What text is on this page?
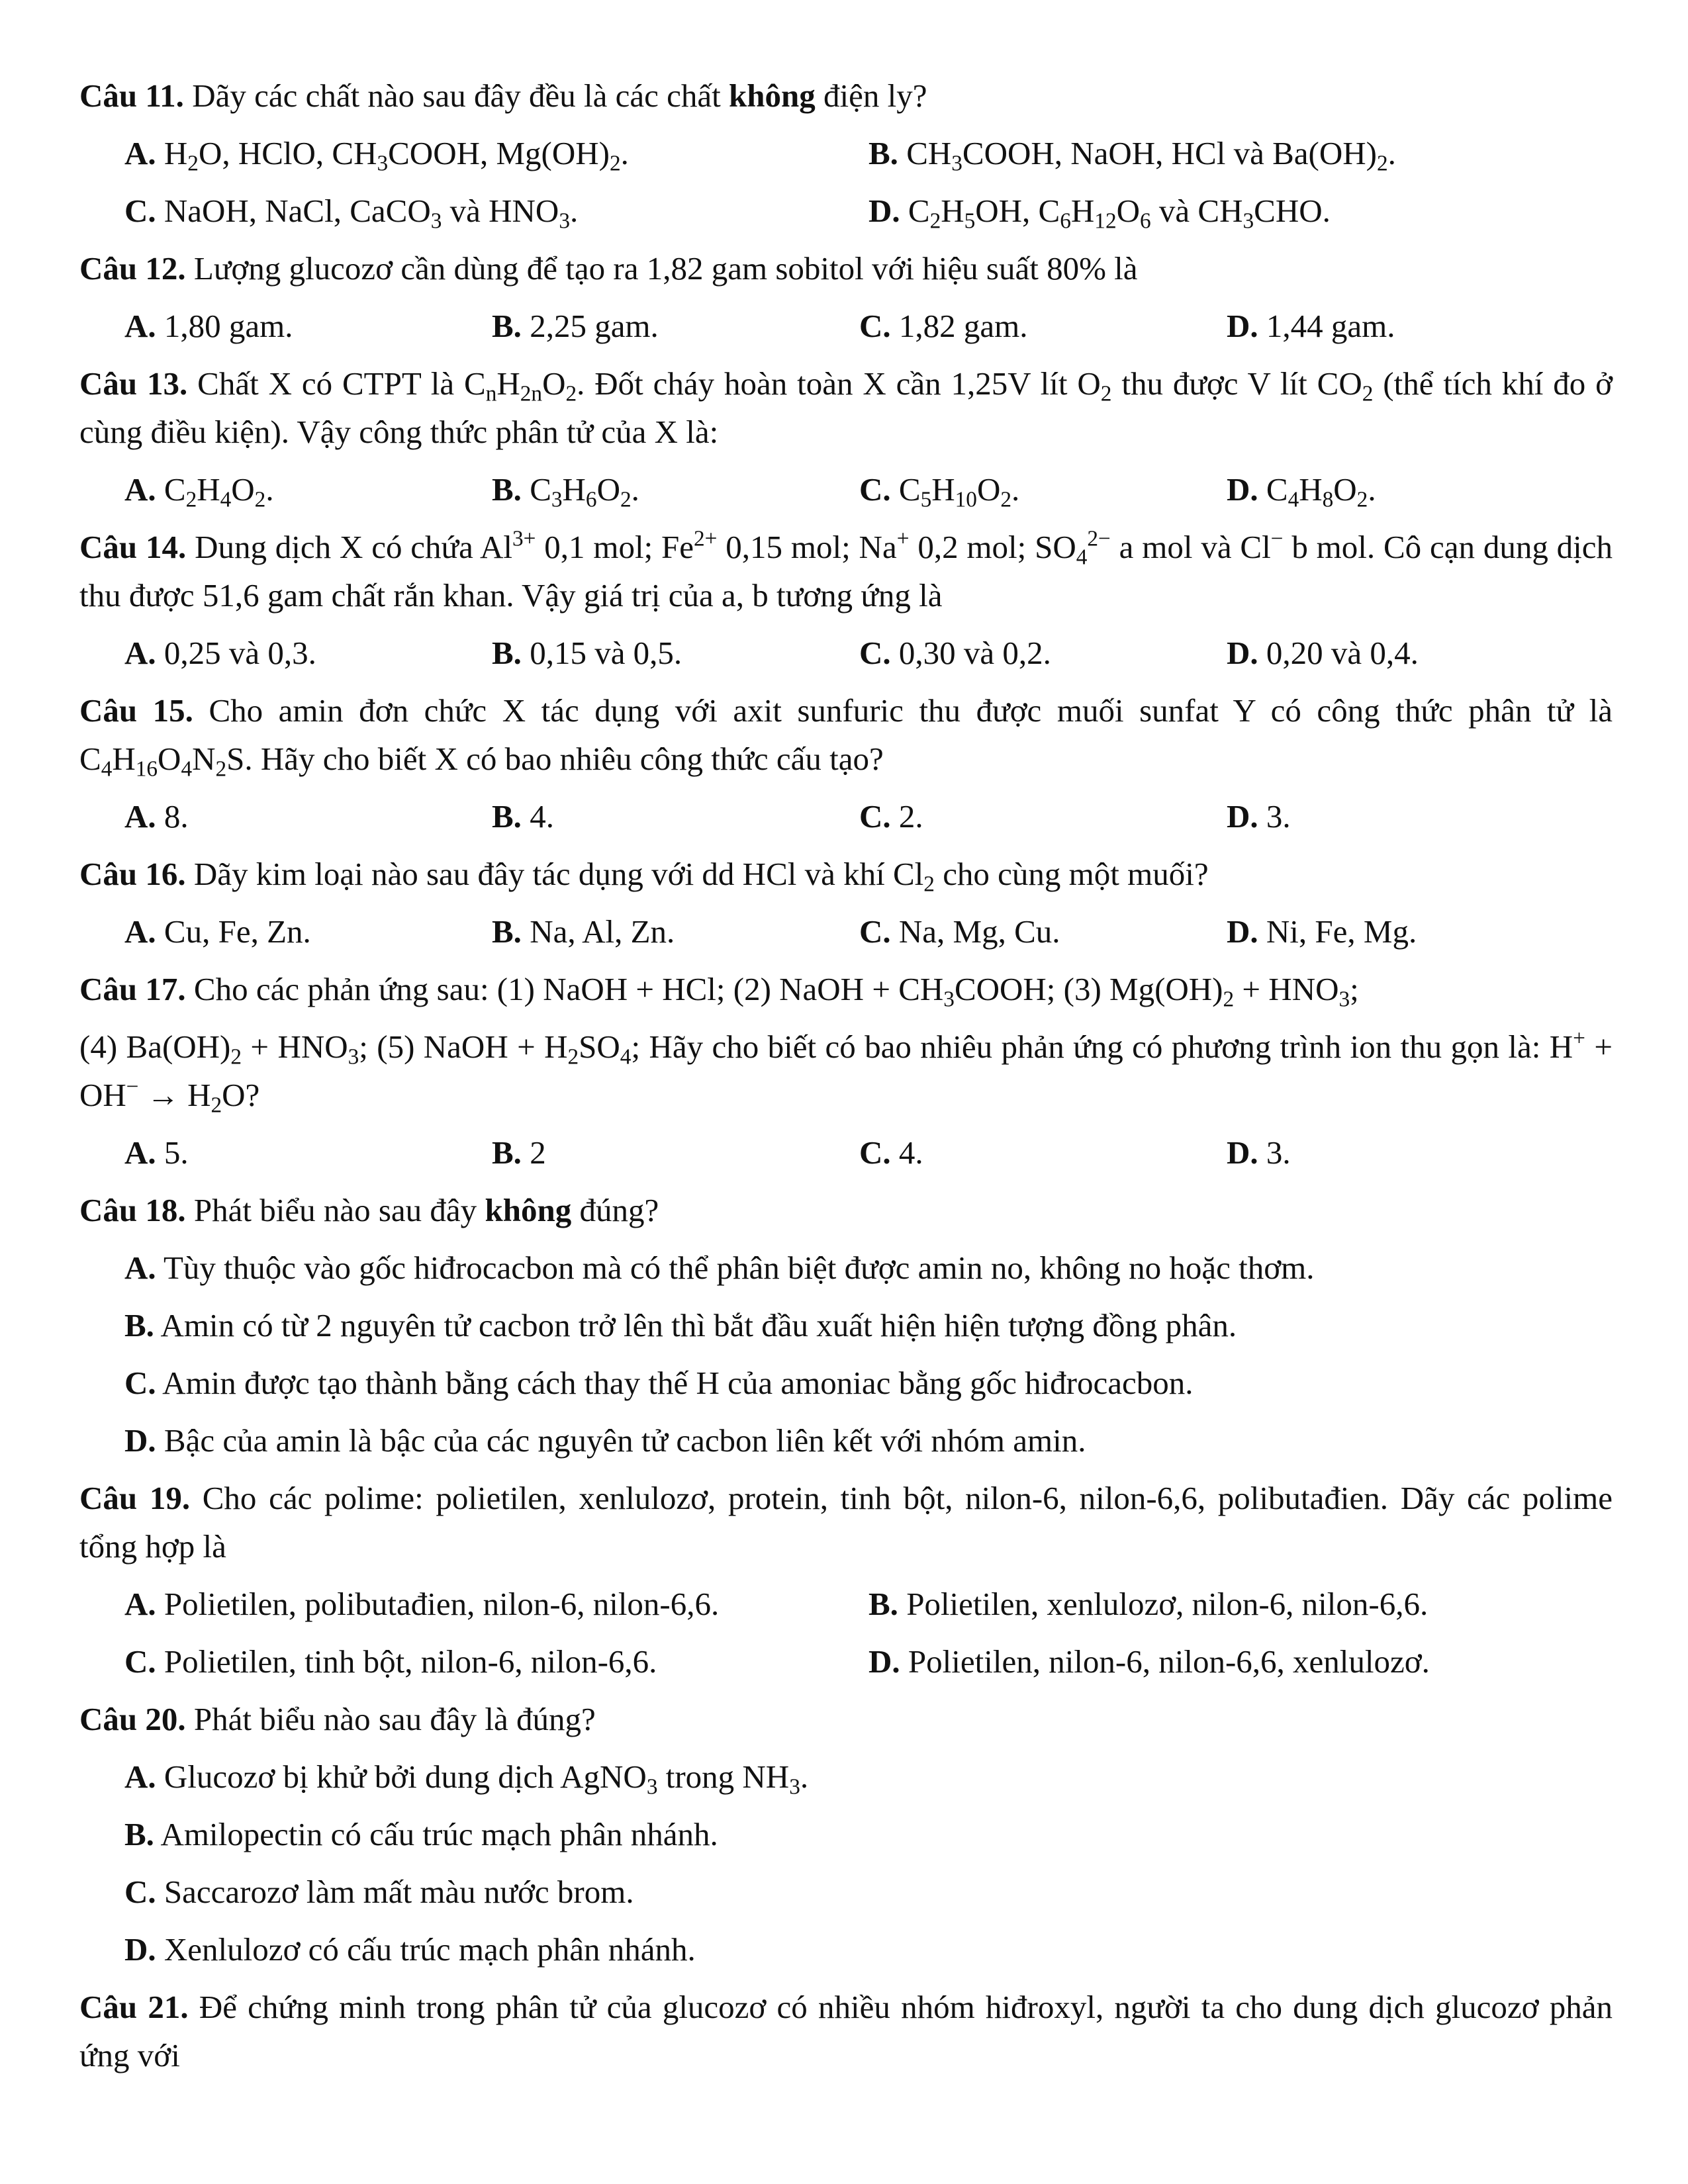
Câu 11. Dãy các chất nào sau đây đều là các chất không điện ly?
A. $H_2O$, HClO, $CH_3COOH$, $Mg(OH)_2$.	B. $CH_3COOH$, NaOH, HCl và $Ba(OH)_2$.
C. NaOH, NaCl, CaCO$_3$ và $HNO_3$.	D. $C_2H_5OH$, $C_6H_{12}O_6$ và $CH_3CHO$.
Câu 12. Lượng glucozơ cần dùng để tạo ra 1,82 gam sobitol với hiệu suất 80% là
A. 1,80 gam.	B. 2,25 gam.	C. 1,82 gam.	D. 1,44 gam.
Câu 13. Chất X có CTPT là $C_nH_{2n}O_2$. Đốt cháy hoàn toàn X cần 1,25V lít $O_2$ thu được V lít $CO_2$ (thể tích khí đo ở cùng điều kiện). Vậy công thức phân tử của X là:
A. $C_2H_4O_2$.	B. $C_3H_6O_2$.	C. $C_5H_{10}O_2$.	D. $C_4H_8O_2$.
Câu 14. Dung dịch X có chứa $Al^{3+}$ 0,1 mol; $Fe^{2+}$ 0,15 mol; Na+ 0,2 mol; $SO_4^{2-}$ a mol và Cl− b mol. Cô cạn dung dịch thu được 51,6 gam chất rắn khan. Vậy giá trị của a, b tương ứng là
A. 0,25 và 0,3.	B. 0,15 và 0,5.	C. 0,30 và 0,2.	D. 0,20 và 0,4.
Câu 15. Cho amin đơn chức X tác dụng với axit sunfuric thu được muối sunfat Y có công thức phân tử là $C_4H_{16}O_4N_2S$. Hãy cho biết X có bao nhiêu công thức cấu tạo?
A. 8.	B. 4.	C. 2.	D. 3.
Câu 16. Dãy kim loại nào sau đây tác dụng với dd HCl và khí $Cl_2$ cho cùng một muối?
A. Cu, Fe, Zn.	B. Na, Al, Zn.	C. Na, Mg, Cu.	D. Ni, Fe, Mg.
Câu 17. Cho các phản ứng sau: (1) NaOH + HCl; (2) NaOH + $CH_3COOH$; (3) $Mg(OH)_2 + HNO_3$;
(4) $Ba(OH)_2 + HNO_3$; (5) NaOH + $H_2SO_4$; Hãy cho biết có bao nhiêu phản ứng có phương trình ion thu gọn là: $H^+ + OH^- \to H_2O$?
A. 5.	B. 2	C. 4.	D. 3.
Câu 18. Phát biểu nào sau đây không đúng?
A. Tùy thuộc vào gốc hiđrocacbon mà có thể phân biệt được amin no, không no hoặc thơm.
B. Amin có từ 2 nguyên tử cacbon trở lên thì bắt đầu xuất hiện hiện tượng đồng phân.
C. Amin được tạo thành bằng cách thay thế H của amoniac bằng gốc hiđrocacbon.
D. Bậc của amin là bậc của các nguyên tử cacbon liên kết với nhóm amin.
Câu 19. Cho các polime: polietilen, xenlulozơ, protein, tinh bột, nilon-6, nilon-6,6, polibutađien. Dãy các polime tổng hợp là
A. Polietilen, polibutađien, nilon-6, nilon-6,6.	B. Polietilen, xenlulozơ, nilon-6, nilon-6,6.
C. Polietilen, tinh bột, nilon-6, nilon-6,6.	D. Polietilen, nilon-6, nilon-6,6, xenlulozơ.
Câu 20. Phát biểu nào sau đây là đúng?
A. Glucozơ bị khử bởi dung dịch AgNO$_3$ trong $NH_3$.
B. Amilopectin có cấu trúc mạch phân nhánh.
C. Saccarozơ làm mất màu nước brom.
D. Xenlulozơ có cấu trúc mạch phân nhánh.
Câu 21. Để chứng minh trong phân tử của glucozơ có nhiều nhóm hiđroxyl, người ta cho dung dịch glucozơ phản ứng với
